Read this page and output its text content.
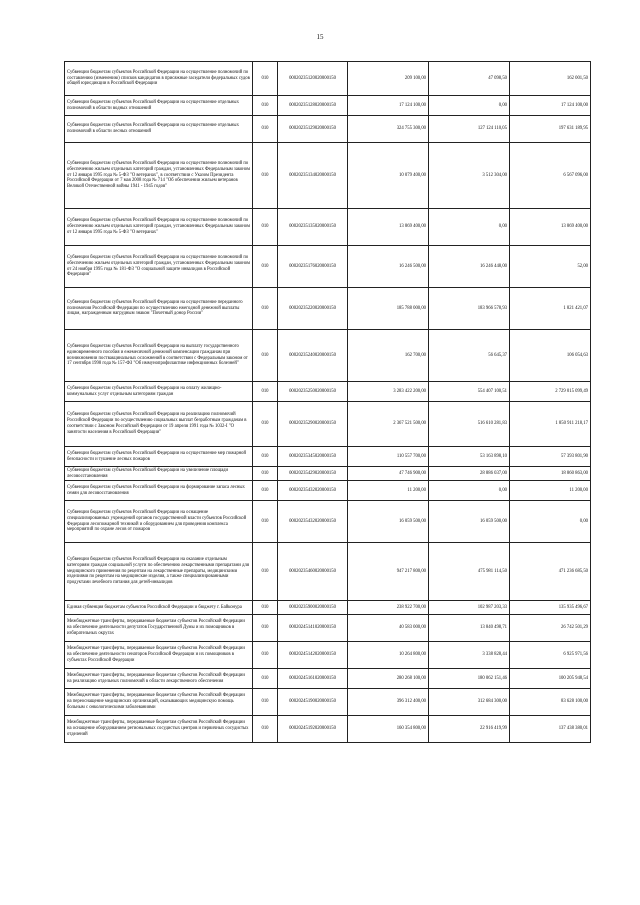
15
Субвенции бюджетам субъектов Российской Федерации на осуществление полномочий по составлению (изменению) списков кандидатов в присяжные заседатели федеральных судов общей юрисдикции в Российской Федерации	010	00020235120020000150	209 100,00	47 098,50	162 001,50
Субвенции бюджетам субъектов Российской Федерации на осуществление отдельных полномочий в области водных отношений	010	00020235128020000150	17 124 100,00	0,00	17 124 100,00
Субвенции бюджетам субъектов Российской Федерации на осуществление отдельных полномочий в области лесных отношений	010	00020235129020000150	324 755 300,00	127 124 110,05	197 631 189,95
Субвенции бюджетам субъектов Российской Федерации на осуществление полномочий по обеспечению жильем отдельных категорий граждан, установленных Федеральным законом от 12 января 1995 года № 5-ФЗ "О ветеранах", в соответствии с Указом Президента Российской Федерации от 7 мая 2008 года № 714 "Об обеспечении жильем ветеранов Великой Отечественной войны 1941 - 1945 годов"	010	00020235134020000150	10 079 400,00	3 512 304,00	6 567 096,00
Субвенции бюджетам субъектов Российской Федерации на осуществление полномочий по обеспечению жильем отдельных категорий граждан, установленных Федеральным законом от 12 января 1995 года № 5-ФЗ "О ветеранах"	010	00020235135020000150	13 869 400,00	0,00	13 869 400,00
Субвенции бюджетам субъектов Российской Федерации на осуществление полномочий по обеспечению жильем отдельных категорий граждан, установленных Федеральным законом от 24 ноября 1995 года № 181-ФЗ "О социальной защите инвалидов в Российской Федерации"	010	00020235176020000150	16 246 500,00	16 246 448,00	52,00
Субвенции бюджетам субъектов Российской Федерации на осуществление переданного полномочия Российской Федерации по осуществлению ежегодной денежной выплаты лицам, награжденным нагрудным знаком "Почетный донор России"	010	00020235220020000150	185 788 000,00	183 966 578,93	1 821 421,07
Субвенции бюджетам субъектов Российской Федерации на выплату государственного единовременного пособия и ежемесячной денежной компенсации гражданам при возникновении поствакцинальных осложнений в соответствии с Федеральным законом от 17 сентября 1998 года № 157-ФЗ "Об иммунопрофилактике инфекционных болезней"	010	00020235240020000150	162 700,00	56 645,37	106 054,63
Субвенции бюджетам субъектов Российской Федерации на оплату жилищно-коммунальных услуг отдельным категориям граждан	010	00020235250020000150	3 283 422 200,00	554 407 100,51	2 729 015 099,49
Субвенции бюджетам субъектов Российской Федерации на реализацию полномочий Российской Федерации по осуществлению социальных выплат безработным гражданам в соответствии с Законом Российской Федерации от 19 апреля 1991 года № 1032-I "О занятости населения в Российской Федерации"	010	00020235290020000150	2 367 521 500,00	516 610 281,83	1 850 911 218,17
Субвенции бюджетам субъектов Российской Федерации на осуществление мер пожарной безопасности и тушение лесных пожаров	010	00020235345020000150	110 557 700,00	53 163 898,10	57 393 801,90
Субвенции бюджетам субъектов Российской Федерации на увеличение площади лесовосстановления	010	00020235429020000150	47 746 900,00	28 886 037,00	18 860 863,00
Субвенции бюджетам субъектов Российской Федерации на формирование запаса лесных семян для лесовосстановления	010	00020235432020000150	11 200,00	0,00	11 200,00
Субвенции бюджетам субъектов Российской Федерации на оснащение специализированных учреждений органов государственной власти субъектов Российской Федерации лесопожарной техникой и оборудованием для проведения комплекса мероприятий по охране лесов от пожаров	010	00020235432020000150	16 059 500,00	16 059 500,00	0,00
Субвенции бюджетам субъектов Российской Федерации на оказание отдельным категориям граждан социальной услуги по обеспечению лекарственными препаратами для медицинского применения по рецептам на лекарственные препараты, медицинскими изделиями по рецептам на медицинские изделия, а также специализированными продуктами лечебного питания для детей-инвалидов	010	00020235460020000150	947 217 800,00	475 981 114,50	471 236 685,50
Единая субвенция бюджетам субъектов Российской Федерации и бюджету г. Байконура	010	00020235900020000150	238 922 700,00	102 987 203,33	135 935 496,67
Межбюджетные трансферты, передаваемые бюджетам субъектов Российской Федерации на обеспечение деятельности депутатов Государственной Думы и их помощников в избирательных округах	010	00020245141020000150	40 583 000,00	13 840 498,71	26 742 501,29
Межбюджетные трансферты, передаваемые бюджетам субъектов Российской Федерации на обеспечение деятельности сенаторов Российской Федерации и их помощников в субъектах Российской Федерации	010	00020245142020000150	10 264 800,00	3 338 828,44	6 925 971,56
Межбюджетные трансферты, передаваемые бюджетам субъектов Российской Федерации на реализацию отдельных полномочий в области лекарственного обеспечения	010	00020245161020000150	280 268 100,00	180 062 151,46	100 205 948,54
Межбюджетные трансферты, передаваемые бюджетам субъектов Российской Федерации на переоснащение медицинских организаций, оказывающих медицинскую помощь больным с онкологическими заболеваниями	010	00020245190020000150	396 312 400,00	312 684 300,00	83 628 100,00
Межбюджетные трансферты, передаваемые бюджетам субъектов Российской Федерации на оснащение оборудованием региональных сосудистых центров и первичных сосудистых отделений	010	00020245192020000150	160 354 800,00	22 916 419,99	137 438 380,01
